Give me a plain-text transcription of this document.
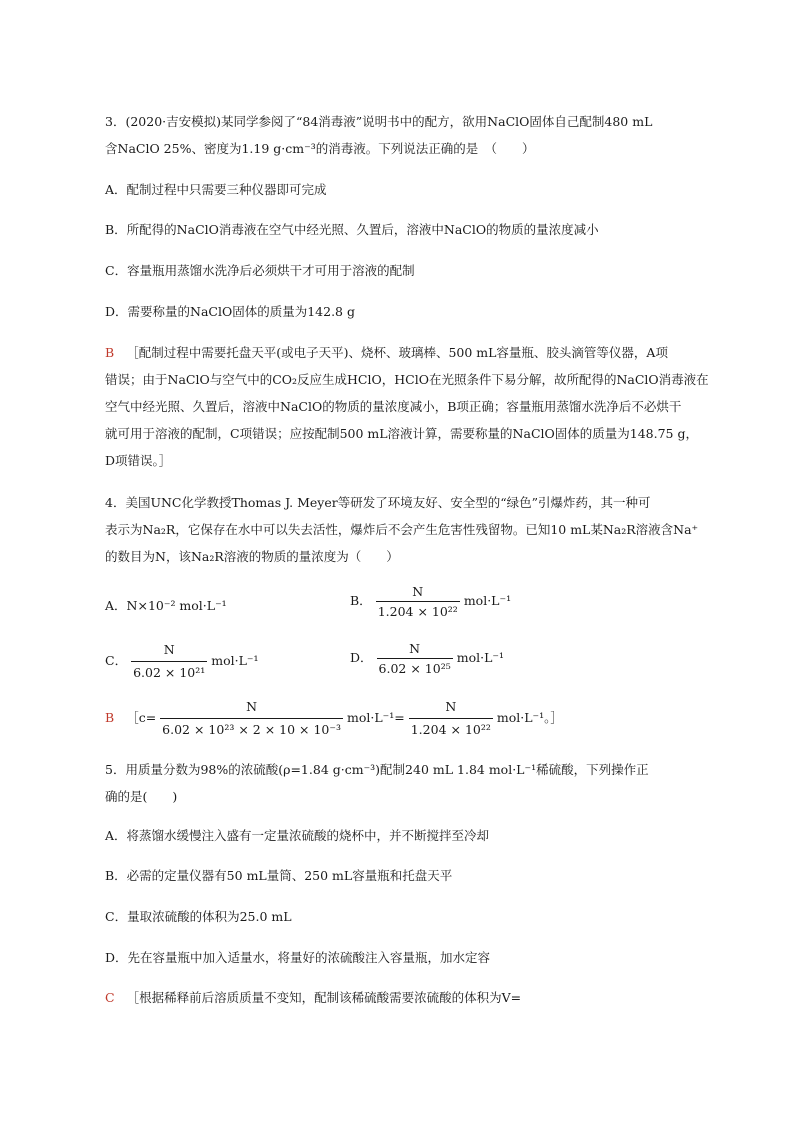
3．(2020·吉安模拟)某同学参阅了“84消毒液”说明书中的配方，欲用NaClO固体自己配制480 mL
含NaClO 25%、密度为1.19 g·cm⁻³的消毒液。下列说法正确的是　（　　）
A．配制过程中只需要三种仪器即可完成
B．所配得的NaClO消毒液在空气中经光照、久置后，溶液中NaClO的物质的量浓度减小
C．容量瓶用蒸馏水洗净后必须烘干才可用于溶液的配制
D．需要称量的NaClO固体的质量为142.8 g
B ［配制过程中需要托盘天平(或电子天平)、烧杯、玻璃棒、500 mL容量瓶、胶头滴管等仪器，A项
错误；由于NaClO与空气中的CO₂反应生成HClO，HClO在光照条件下易分解，故所配得的NaClO消毒液在
空气中经光照、久置后，溶液中NaClO的物质的量浓度减小，B项正确；容量瓶用蒸馏水洗净后不必烘干
就可用于溶液的配制，C项错误；应按配制500 mL溶液计算，需要称量的NaClO固体的质量为148.75 g，
D项错误。］
4．美国UNC化学教授Thomas J. Meyer等研发了环境友好、安全型的“绿色”引爆炸药，其一种可
表示为Na₂R，它保存在水中可以失去活性，爆炸后不会产生危害性残留物。已知10 mL某Na₂R溶液含Na⁺
的数目为N，该Na₂R溶液的物质的量浓度为（　　）
A．N×10⁻² mol·L⁻¹	B． $\frac{N}{\text{1.204 × 10²²}} mol\cdot L^{-1}$
C． $\frac{N}{\text{6.02 × 10²¹}} mol\cdot L^{-1}$	D． $\frac{N}{\text{6.02 × 10²⁵}} mol\cdot L^{-1}$
B ［c= $\frac{N}{\text{6.02 × 10²³ × 2 × 10 × 10⁻³}} mol\cdot L^{-1}= \frac{N}{\text{1.204 × 10²²}} mol\cdot L^{-1}$。］
5．用质量分数为98%的浓硫酸(ρ=1.84 g·cm⁻³)配制240 mL 1.84 mol·L⁻¹稀硫酸，下列操作正
确的是(　　)
A．将蒸馏水缓慢注入盛有一定量浓硫酸的烧杯中，并不断搅拌至冷却
B．必需的定量仪器有50 mL量筒、250 mL容量瓶和托盘天平
C．量取浓硫酸的体积为25.0 mL
D．先在容量瓶中加入适量水，将量好的浓硫酸注入容量瓶，加水定容
C ［根据稀释前后溶质质量不变知，配制该稀硫酸需要浓硫酸的体积为V=
